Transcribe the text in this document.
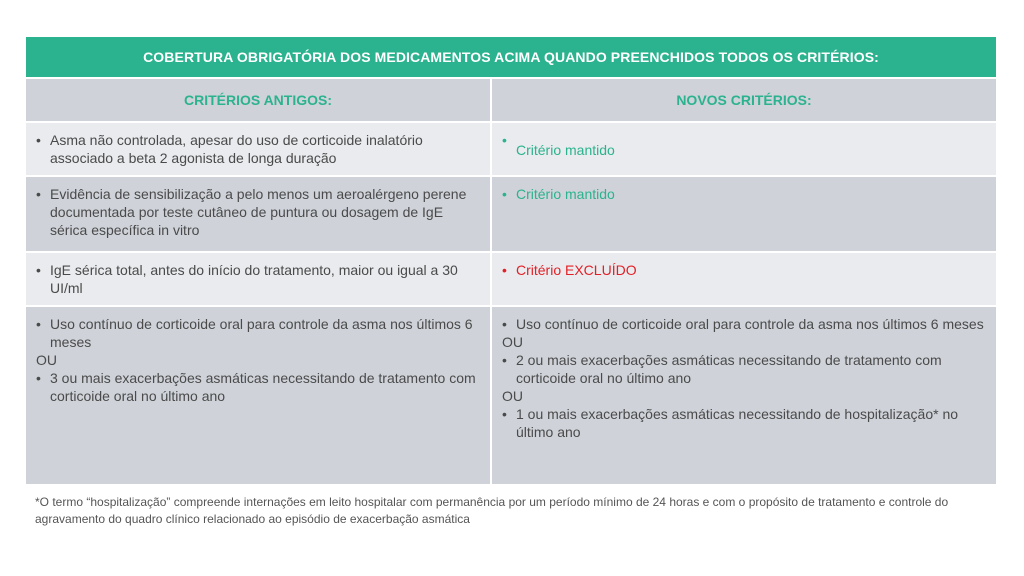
COBERTURA OBRIGATÓRIA DOS MEDICAMENTOS ACIMA QUANDO PREENCHIDOS TODOS OS CRITÉRIOS:
CRITÉRIOS ANTIGOS:	NOVOS CRITÉRIOS:
• Asma não controlada, apesar do uso de corticoide inalatório associado a beta 2 agonista de longa duração
•	Critério mantido
• Evidência de sensibilização a pelo menos um aeroalérgeno perene documentada por teste cutâneo de puntura ou dosagem de IgE sérica específica in vitro
• Critério mantido
• IgE sérica total, antes do início do tratamento, maior ou igual a 30 UI/ml
• Critério EXCLUÍDO
• Uso contínuo de corticoide oral para controle da asma nos últimos 6 meses
OU
• 3 ou mais exacerbações asmáticas necessitando de tratamento com corticoide oral no último ano
• Uso contínuo de corticoide oral para controle da asma nos últimos 6 meses
OU
• 2 ou mais exacerbações asmáticas necessitando de tratamento com corticoide oral no último ano
OU
• 1 ou mais exacerbações asmáticas necessitando de hospitalização* no último ano
*O termo “hospitalização” compreende internações em leito hospitalar com permanência por um período mínimo de 24 horas e com o propósito de tratamento e controle do agravamento do quadro clínico relacionado ao episódio de exacerbação asmática
